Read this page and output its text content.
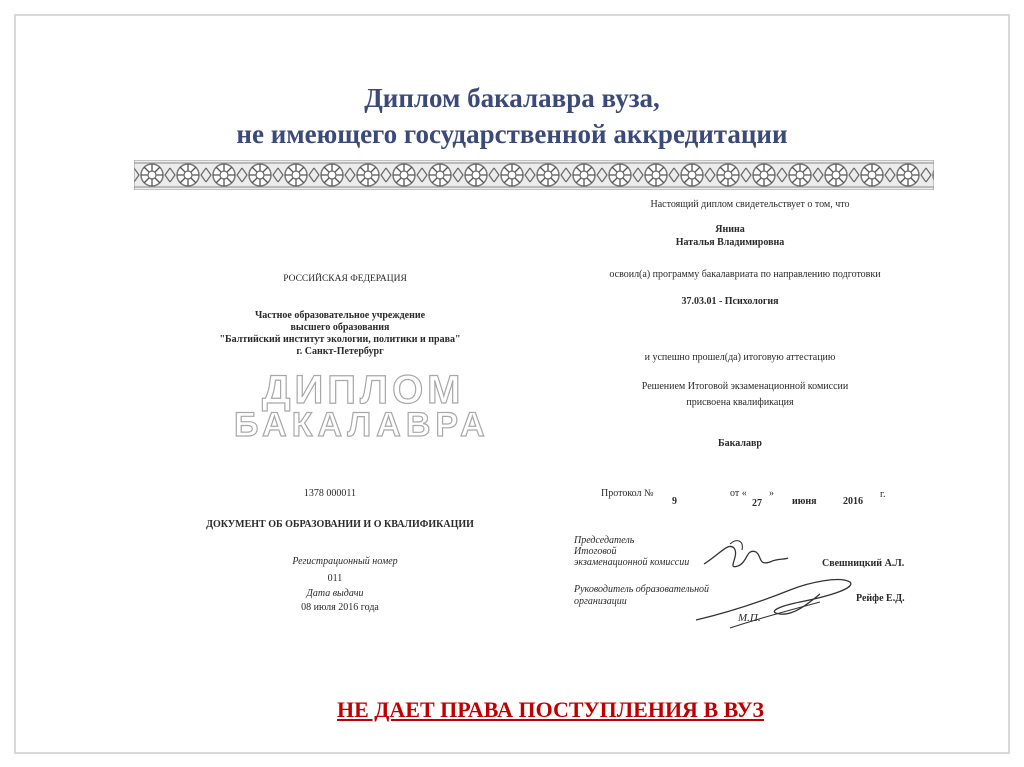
Диплом бакалавра вуза,
не имеющего государственной аккредитации
РОССИЙСКАЯ ФЕДЕРАЦИЯ
Частное образовательное учреждение
высшего образования
"Балтийский институт экологии, политики и права"
г. Санкт-Петербург
ДИПЛОМ
БАКАЛАВРА
1378 000011
ДОКУМЕНТ ОБ ОБРАЗОВАНИИ И О КВАЛИФИКАЦИИ
Регистрационный номер
011
Дата выдачи
08 июля 2016 года
Настоящий диплом свидетельствует о том, что
Янина
Наталья Владимировна
освоил(а) программу бакалавриата по направлению подготовки
37.03.01 - Психология
и успешно прошел(да) итоговую аттестацию
Решением Итоговой экзаменационной комиссии
присвоена квалификация
Бакалавр
Протокол №
9
от «
27
»
июня	2016
г.
Председатель
Итоговой
экзаменационной комиссии	Свешницкий А.Л.
Руководитель образовательной
организации	Рейфе Е.Д.
М.П.
НЕ ДАЕТ ПРАВА ПОСТУПЛЕНИЯ В ВУЗ
